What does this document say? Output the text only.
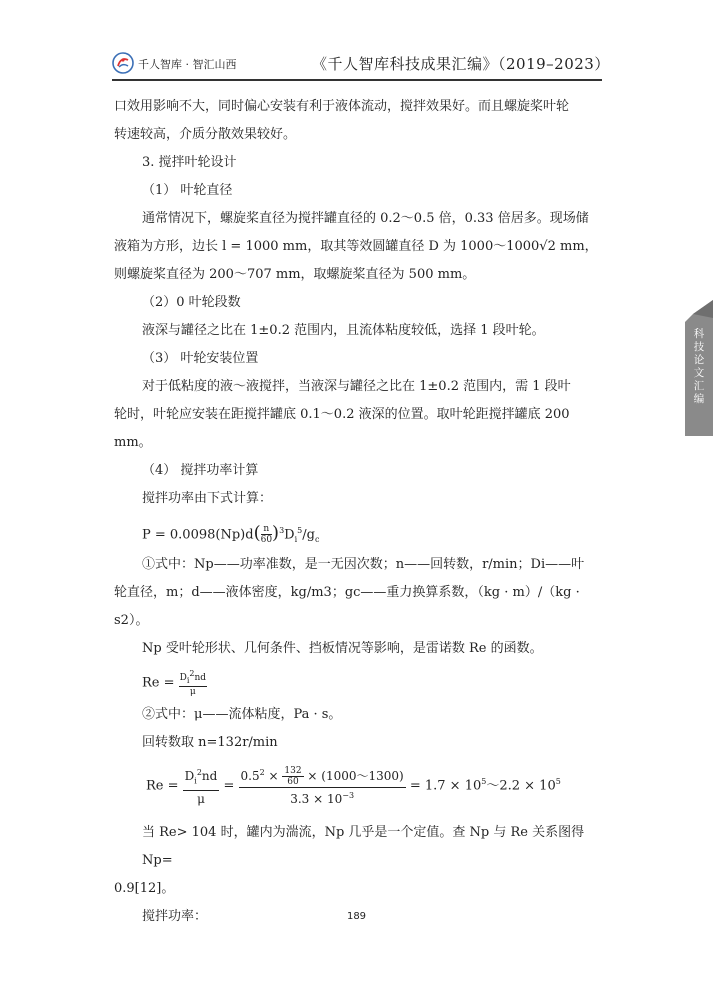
千人智库 · 智汇山西	《千人智库科技成果汇编》（2019–2023）
科
技
论
文
汇
编

口效用影响不大，同时偏心安装有利于液体流动，搅拌效果好。而且螺旋桨叶轮

转速较高，介质分散效果较好。

3. 搅拌叶轮设计
（1） 叶轮直径

通常情况下，螺旋桨直径为搅拌罐直径的 0.2～0.5 倍，0.33 倍居多。现场储

液箱为方形，边长 l = 1000 mm，取其等效圆罐直径 D 为 1000～1000√2 mm，

则螺旋桨直径为 200～707 mm，取螺旋桨直径为 500 mm。

（2）0 叶轮段数

液深与罐径之比在 1±0.2 范围内，且流体粘度较低，选择 1 段叶轮。

（3） 叶轮安装位置

对于低粘度的液～液搅拌，当液深与罐径之比在 1±0.2 范围内，需 1 段叶

轮时，叶轮应安装在距搅拌罐底 0.1～0.2 液深的位置。取叶轮距搅拌罐底 200

mm。

（4） 搅拌功率计算

搅拌功率由下式计算：

$P = 0.0098(Np)d( \frac{n}{60} )^3D_i^5/g_c$

①式中：Np——功率准数，是一无因次数；n——回转数，r/min；Di——叶

轮直径，m；d——液体密度，kg/m3；gc——重力换算系数，（kg · m）/（kg · s2）。

Np 受叶轮形状、几何条件、挡板情况等影响，是雷诺数 Re 的函数。

$Re = \frac{D_i^2nd}{\mu}$

②式中：μ——流体粘度，Pa · s。

回转数取 n=132r/min

$Re = \frac{D_i^2nd}{\mu} = \frac{0.5^2 \times \frac{132}{60} \times (1000\sim 1300)}{3.3 \times 10^{-3}} = 1.7$ × $10^5\sim 2.2 \times 10^5$

当 Re> 104 时，罐内为湍流，Np 几乎是一个定值。查 Np 与 Re 关系图得 Np=

0.9[12]。

搅拌功率：	189
